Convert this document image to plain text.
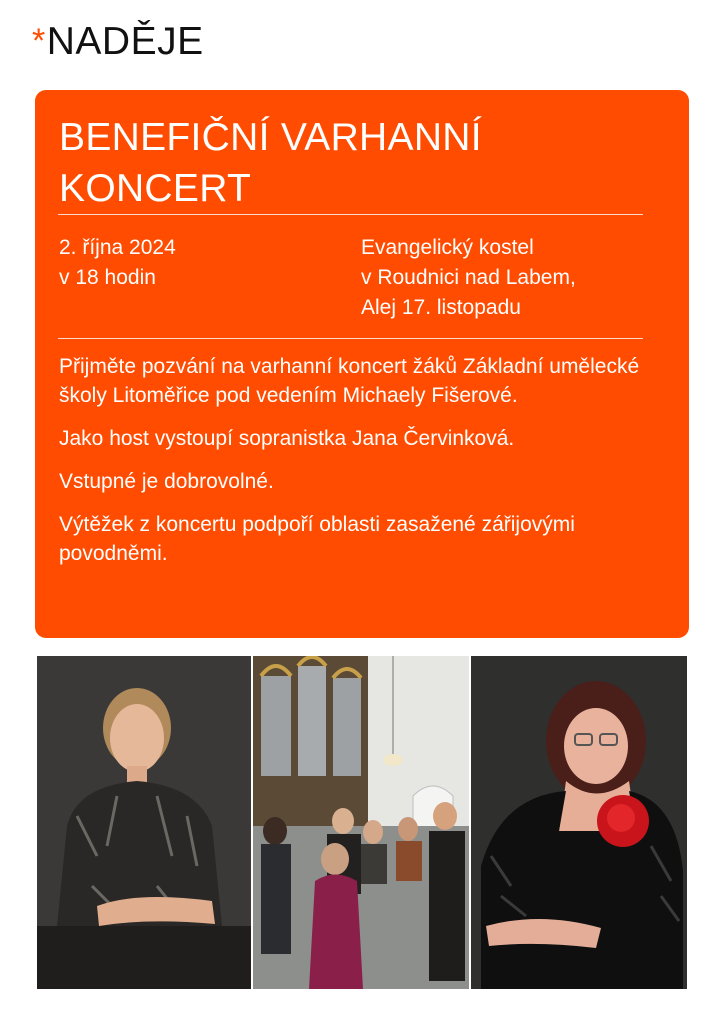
* NADĚJE
BENEFIČNÍ VARHANNÍ
KONCERT
2. října 2024
v 18 hodin
Evangelický kostel
v Roudnici nad Labem,
Alej 17. listopadu

Přijměte pozvání na varhanní koncert žáků Základní umělecké školy Litoměřice pod vedením Michaely Fišerové.

Jako host vystoupí sopranistka Jana Červinková.

Vstupné je dobrovolné.

Výtěžek z koncertu podpoří oblasti zasažené zářijovými povodněmi.
